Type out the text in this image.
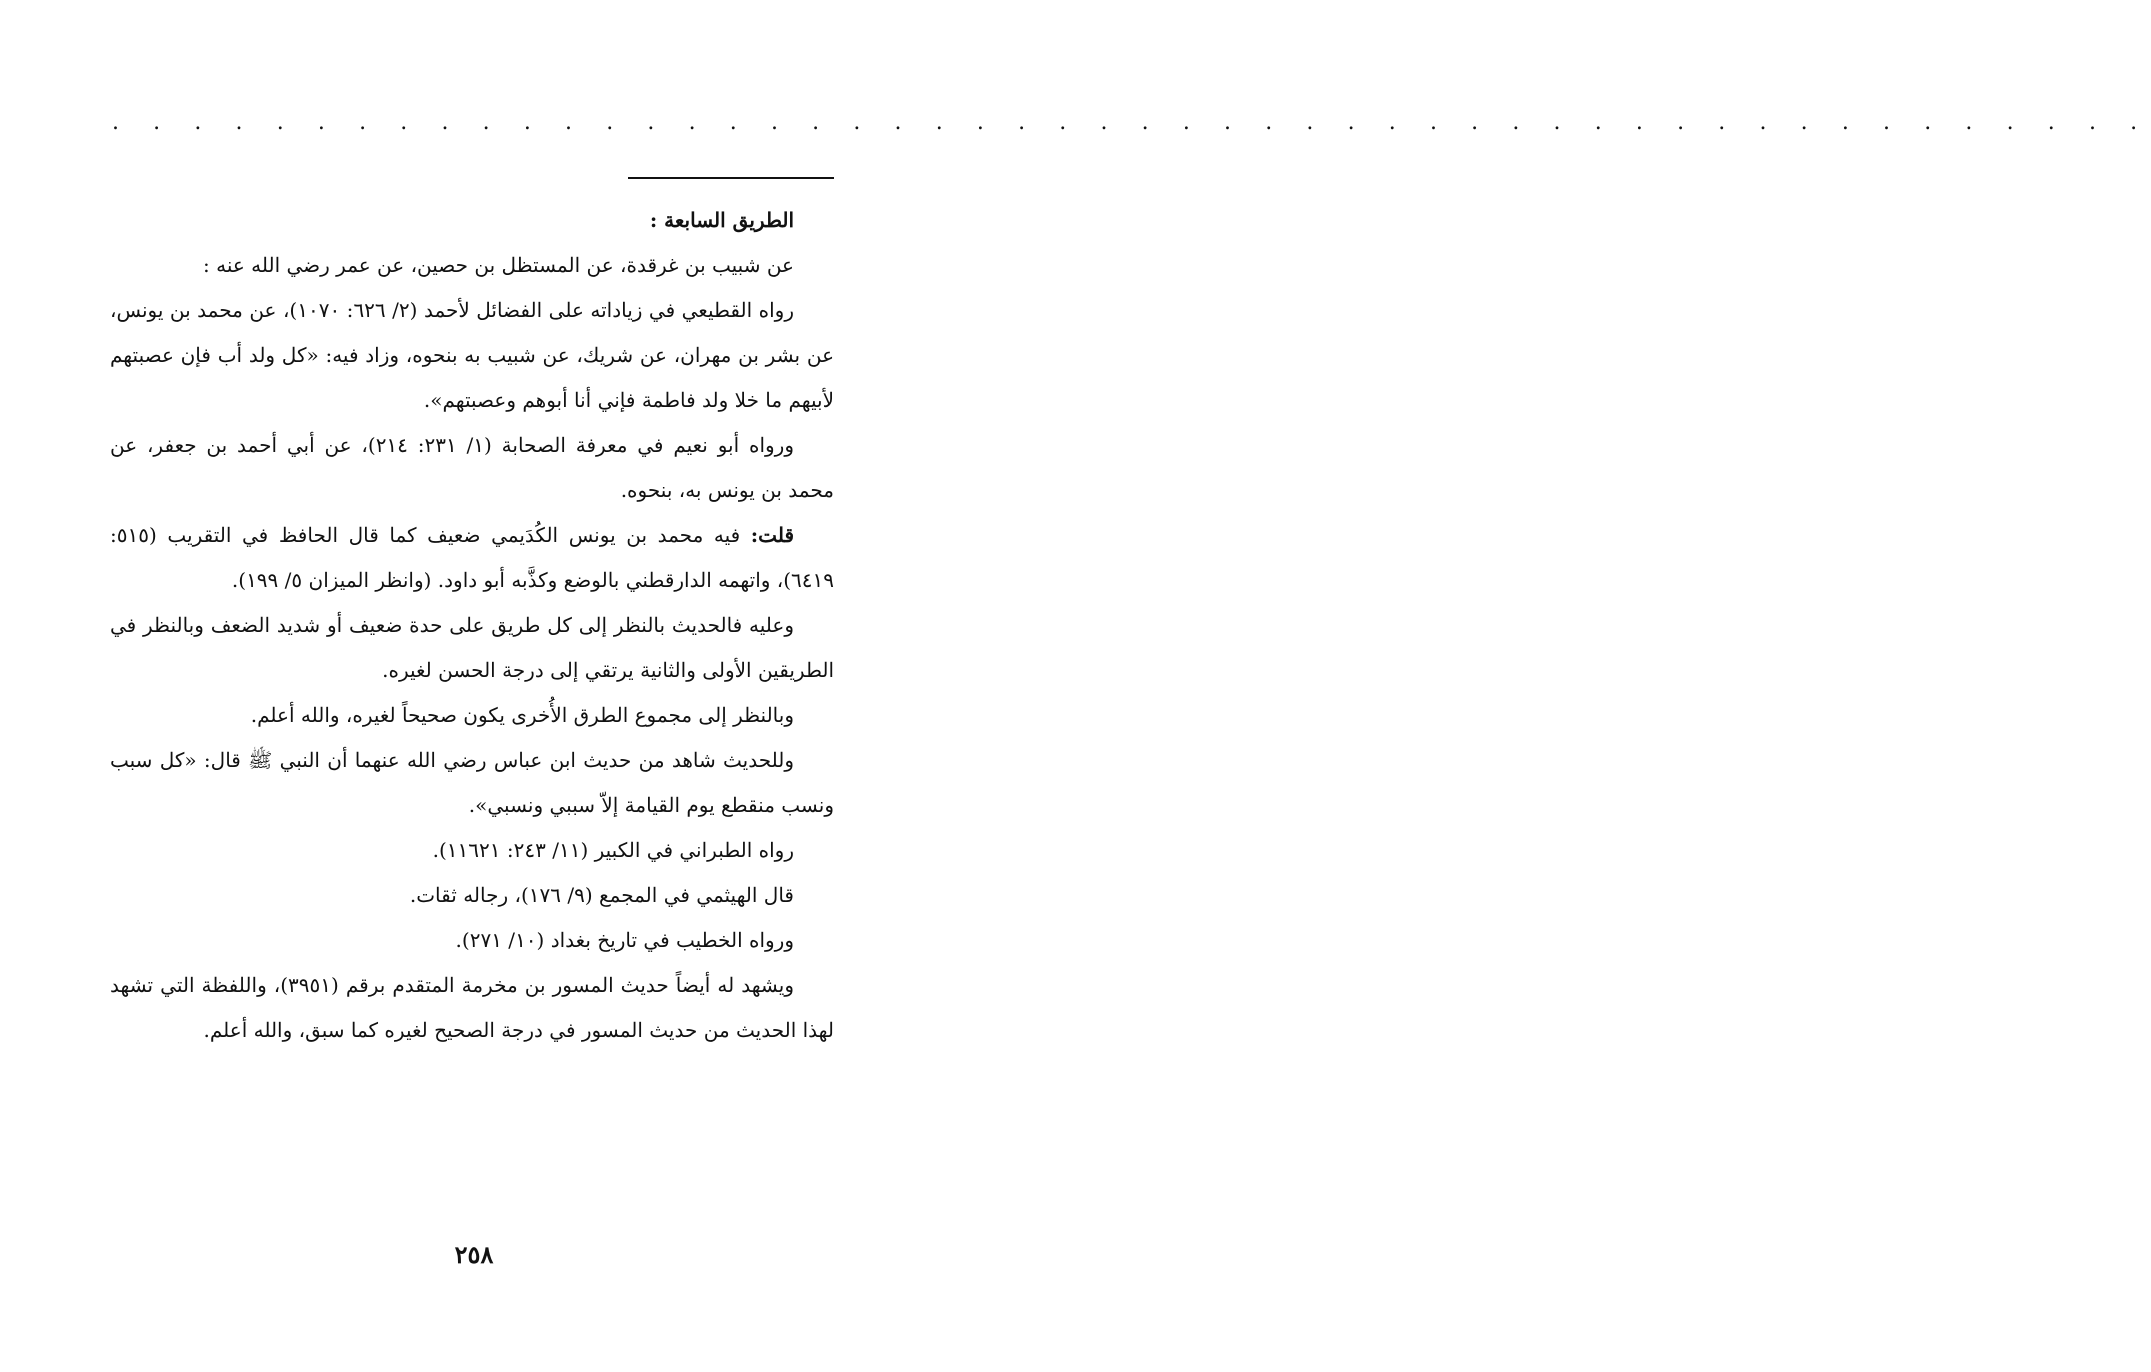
. . . . . . . . . . . . . . . . . . . . . . . . . . . . . . . . . . . . . . . . . . . . . . . . . .

الطريق السابعة :

عن شبيب بن غرقدة، عن المستظل بن حصين، عن عمر رضي الله عنه :

رواه القطيعي في زياداته على الفضائل لأحمد (٢/ ٦٢٦: ١٠٧٠)، عن محمد بن يونس، عن بشر بن مهران، عن شريك، عن شبيب به بنحوه، وزاد فيه: «كل ولد أب فإن عصبتهم لأبيهم ما خلا ولد فاطمة فإني أنا أبوهم وعصبتهم».

ورواه أبو نعيم في معرفة الصحابة (١/ ٢٣١: ٢١٤)، عن أبي أحمد بن جعفر، عن محمد بن يونس به، بنحوه.

قلت: فيه محمد بن يونس الكُدَيمي ضعيف كما قال الحافظ في التقريب (٥١٥: ٦٤١٩)، واتهمه الدارقطني بالوضع وكذَّبه أبو داود. (وانظر الميزان ٥/ ١٩٩).

وعليه فالحديث بالنظر إلى كل طريق على حدة ضعيف أو شديد الضعف وبالنظر في الطريقين الأولى والثانية يرتقي إلى درجة الحسن لغيره.

وبالنظر إلى مجموع الطرق الأُخرى يكون صحيحاً لغيره، والله أعلم.

وللحديث شاهد من حديث ابن عباس رضي الله عنهما أن النبي ﷺ قال: «كل سبب ونسب منقطع يوم القيامة إلاّ سببي ونسبي».

رواه الطبراني في الكبير (١١/ ٢٤٣: ١١٦٢١).

قال الهيثمي في المجمع (٩/ ١٧٦)، رجاله ثقات.

ورواه الخطيب في تاريخ بغداد (١٠/ ٢٧١).

ويشهد له أيضاً حديث المسور بن مخرمة المتقدم برقم (٣٩٥١)، واللفظة التي تشهد لهذا الحديث من حديث المسور في درجة الصحيح لغيره كما سبق، والله أعلم.

٢٥٨
